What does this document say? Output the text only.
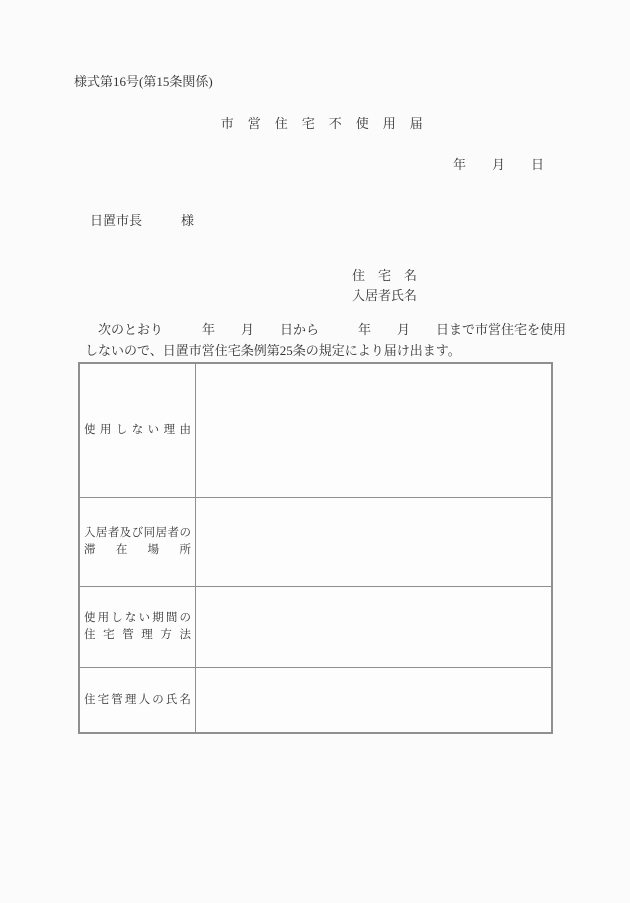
様式第16号(第15条関係)
市　営　住　宅　不　使　用　届
年　　月　　日
日置市長　　　様
住　宅　名
入居者氏名
次のとおり　　　年　　月　　日から　　　年　　月　　日まで市営住宅を使用
しないので、日置市営住宅条例第25条の規定により届け出ます。
使用しない理由
入居者及び同居者の
滞在場所
使用しない期間の
住宅管理方法
住宅管理人の氏名
